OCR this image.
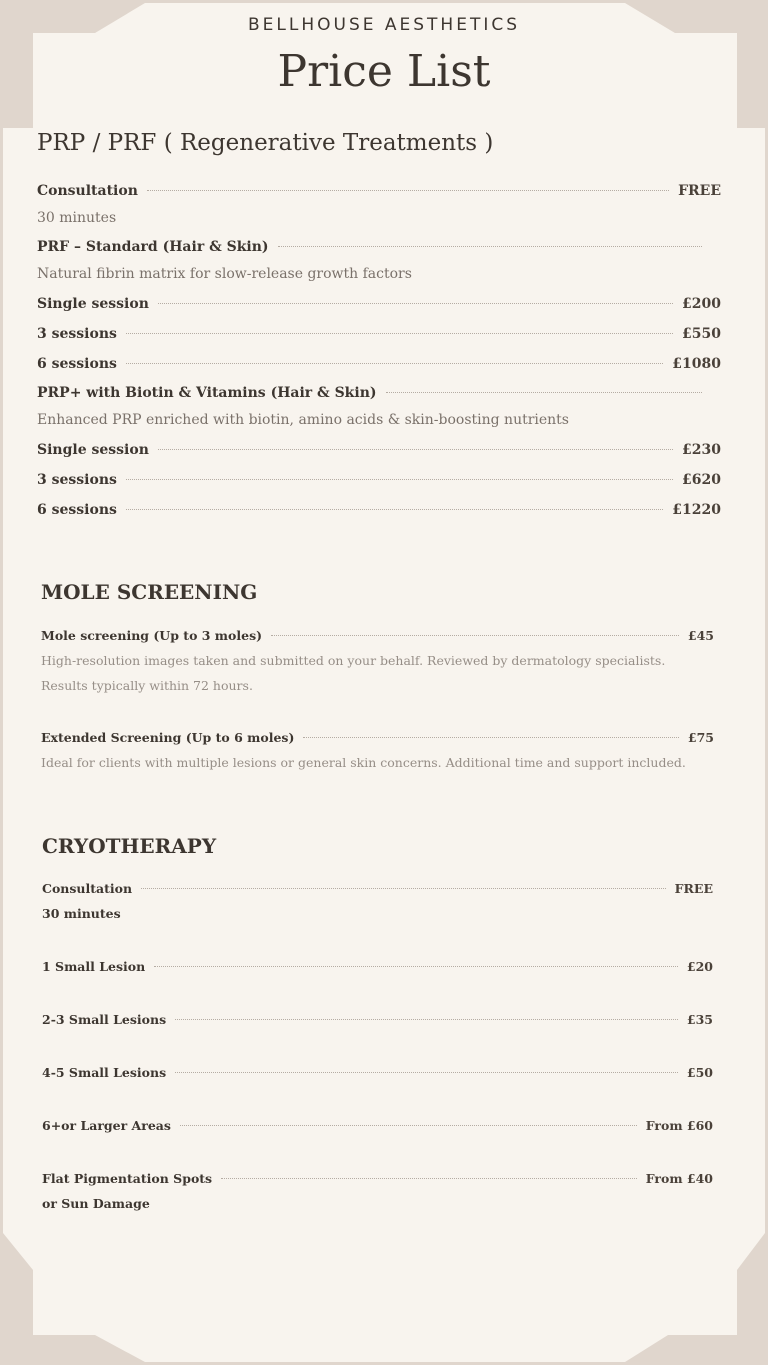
BELLHOUSE AESTHETICS

Price List
PRP / PRF ( Regenerative Treatments )
Consultation	FREE

30 minutes

PRF – Standard (Hair & Skin)

Natural fibrin matrix for slow-release growth factors

Single session	£200
3 sessions	£550
6 sessions	£1080
PRP+ with Biotin & Vitamins (Hair & Skin)

Enhanced PRP enriched with biotin, amino acids & skin-boosting nutrients

Single session	£230
3 sessions	£620
6 sessions	£1220
MOLE SCREENING
Mole screening (Up to 3 moles)	£45

High-resolution images taken and submitted on your behalf. Reviewed by dermatology specialists. Results typically within 72 hours.

Extended Screening (Up to 6 moles)	£75

Ideal for clients with multiple lesions or general skin concerns. Additional time and support included.

CRYOTHERAPY
Consultation	FREE

30 minutes

1 Small Lesion	£20
2-3 Small Lesions	£35
4-5 Small Lesions	£50
6+or Larger Areas	From £60
Flat Pigmentation Spots	From £40

or Sun Damage
